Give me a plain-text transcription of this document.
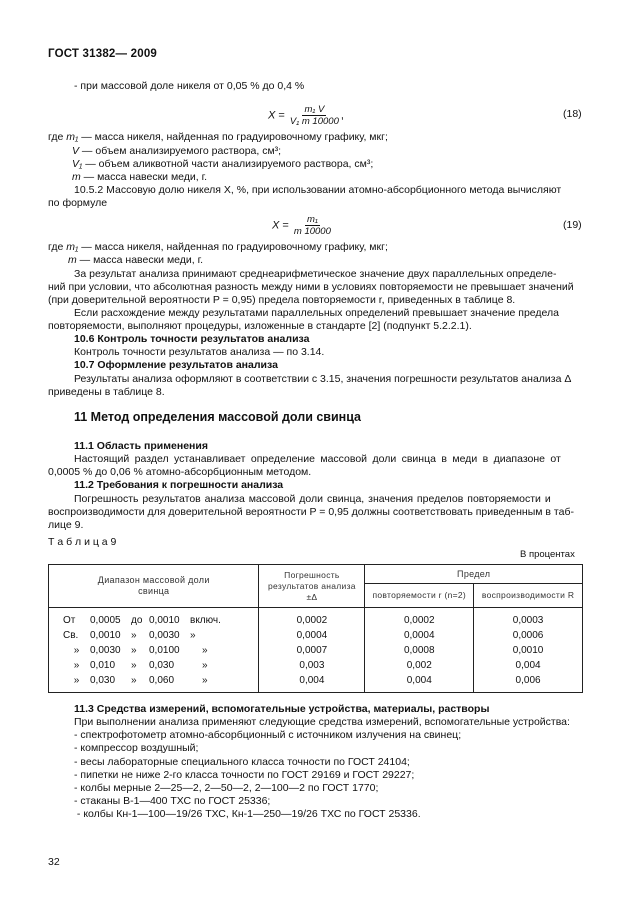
ГОСТ 31382— 2009
- при массовой доле никеля от 0,05 % до 0,4 %
$X = \frac{\text{m₁ V}}{\text{V₁ m 10000}}$ ,	(18)
где m₁ — масса никеля, найденная по градуировочному графику, мкг;
V — объем анализируемого раствора, см³;
V₁ — объем аликвотной части анализируемого раствора, см³;
m — масса навески меди, г.
10.5.2 Массовую долю никеля X, %, при использовании атомно-абсорбционного метода вычисляют
по формуле
$X = \frac{\text{m₁}}{m 10000}$	(19)
где m₁ — масса никеля, найденная по градуировочному графику, мкг;
m — масса навески меди, г.
За результат анализа принимают среднеарифметическое значение двух параллельных определе-
ний при условии, что абсолютная разность между ними в условиях повторяемости не превышает значений
(при доверительной вероятности P = 0,95) предела повторяемости r, приведенных в таблице 8.
Если расхождение между результатами параллельных определений превышает значение предела
повторяемости, выполняют процедуры, изложенные в стандарте [2] (подпункт 5.2.2.1).
10.6 Контроль точности результатов анализа
Контроль точности результатов анализа — по 3.14.
10.7 Оформление результатов анализа
Результаты анализа оформляют в соответствии с 3.15, значения погрешности результатов анализа Δ
приведены в таблице 8.
11 Метод определения массовой доли свинца
11.1 Область применения
Настоящий раздел устанавливает определение массовой доли свинца в меди в диапазоне от
0,0005 % до 0,06 % атомно-абсорбционным методом.
11.2 Требования к погрешности анализа
Погрешность результатов анализа массовой доли свинца, значения пределов повторяемости и
воспроизводимости для доверительной вероятности P = 0,95 должны соответствовать приведенным в таб-
лице 9.
Т а б л и ц а 9
В процентах
Диапазон массовой доли свинца	Погрешность результатов анализа ±Δ	Предел	
		повторяемости r (n=2)	воспроизводимости R
От 0,0005 до 0,0010 включ.	0,0002	0,0002	0,0003
Св. 0,0010 » 0,0030 »	0,0004	0,0004	0,0006
» 0,0030 » 0,0100 »	0,0007	0,0008	0,0010
» 0,010 » 0,030 »	0,003	0,002	0,004
» 0,030 » 0,060 »	0,004	0,004	0,006
11.3 Средства измерений, вспомогательные устройства, материалы, растворы
При выполнении анализа применяют следующие средства измерений, вспомогательные устройства:
- спектрофотометр атомно-абсорбционный с источником излучения на свинец;
- компрессор воздушный;
- весы лабораторные специального класса точности по ГОСТ 24104;
- пипетки не ниже 2-го класса точности по ГОСТ 29169 и ГОСТ 29227;
- колбы мерные 2—25—2, 2—50—2, 2—100—2 по ГОСТ 1770;
- стаканы В-1—400 ТХС по ГОСТ 25336;
- колбы Кн-1—100—19/26 ТХС, Кн-1—250—19/26 ТХС по ГОСТ 25336.
32
